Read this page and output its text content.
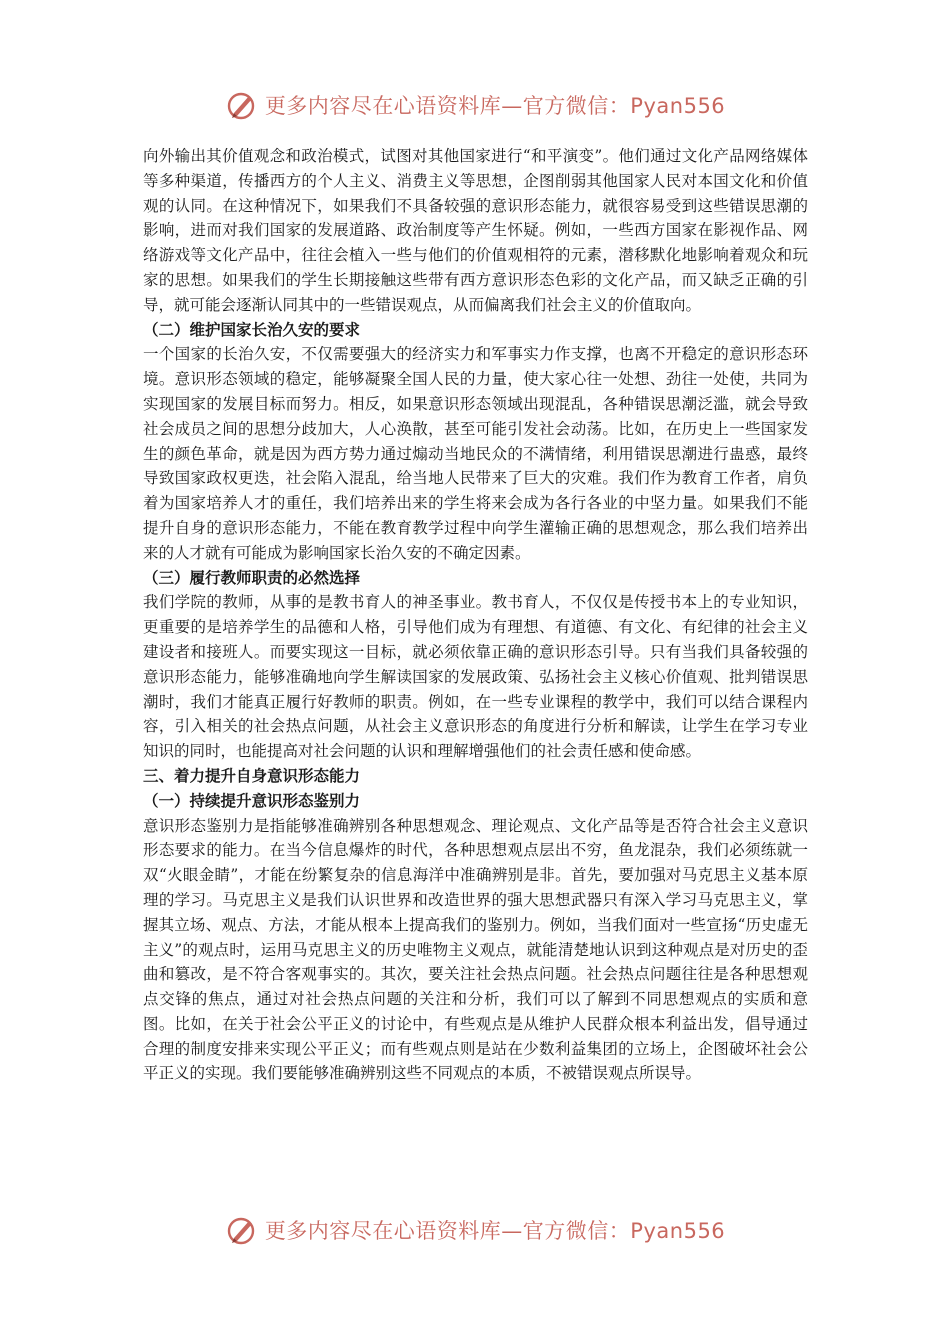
更多内容尽在心语资料库—官方微信：Pyan556

向外输出其价值观念和政治模式，试图对其他国家进行“和平演变”。他们通过文化产品网络媒体等多种渠道，传播西方的个人主义、消费主义等思想，企图削弱其他国家人民对本国文化和价值观的认同。在这种情况下，如果我们不具备较强的意识形态能力，就很容易受到这些错误思潮的影响，进而对我们国家的发展道路、政治制度等产生怀疑。例如，一些西方国家在影视作品、网络游戏等文化产品中，往往会植入一些与他们的价值观相符的元素，潜移默化地影响着观众和玩家的思想。如果我们的学生长期接触这些带有西方意识形态色彩的文化产品，而又缺乏正确的引导，就可能会逐渐认同其中的一些错误观点，从而偏离我们社会主义的价值取向。

（二）维护国家长治久安的要求

一个国家的长治久安，不仅需要强大的经济实力和军事实力作支撑，也离不开稳定的意识形态环境。意识形态领域的稳定，能够凝聚全国人民的力量，使大家心往一处想、劲往一处使，共同为实现国家的发展目标而努力。相反，如果意识形态领域出现混乱，各种错误思潮泛滥，就会导致社会成员之间的思想分歧加大，人心涣散，甚至可能引发社会动荡。比如，在历史上一些国家发生的颜色革命，就是因为西方势力通过煽动当地民众的不满情绪，利用错误思潮进行蛊惑，最终导致国家政权更迭，社会陷入混乱，给当地人民带来了巨大的灾难。我们作为教育工作者，肩负着为国家培养人才的重任，我们培养出来的学生将来会成为各行各业的中坚力量。如果我们不能提升自身的意识形态能力，不能在教育教学过程中向学生灌输正确的思想观念，那么我们培养出来的人才就有可能成为影响国家长治久安的不确定因素。

（三）履行教师职责的必然选择

我们学院的教师，从事的是教书育人的神圣事业。教书育人，不仅仅是传授书本上的专业知识，更重要的是培养学生的品德和人格，引导他们成为有理想、有道德、有文化、有纪律的社会主义建设者和接班人。而要实现这一目标，就必须依靠正确的意识形态引导。只有当我们具备较强的意识形态能力，能够准确地向学生解读国家的发展政策、弘扬社会主义核心价值观、批判错误思潮时，我们才能真正履行好教师的职责。例如，在一些专业课程的教学中，我们可以结合课程内容，引入相关的社会热点问题，从社会主义意识形态的角度进行分析和解读，让学生在学习专业知识的同时，也能提高对社会问题的认识和理解增强他们的社会责任感和使命感。

三、着力提升自身意识形态能力

（一）持续提升意识形态鉴别力

意识形态鉴别力是指能够准确辨别各种思想观念、理论观点、文化产品等是否符合社会主义意识形态要求的能力。在当今信息爆炸的时代，各种思想观点层出不穷，鱼龙混杂，我们必须练就一双“火眼金睛”，才能在纷繁复杂的信息海洋中准确辨别是非。首先，要加强对马克思主义基本原理的学习。马克思主义是我们认识世界和改造世界的强大思想武器只有深入学习马克思主义，掌握其立场、观点、方法，才能从根本上提高我们的鉴别力。例如，当我们面对一些宣扬“历史虚无主义”的观点时，运用马克思主义的历史唯物主义观点，就能清楚地认识到这种观点是对历史的歪曲和篡改，是不符合客观事实的。其次，要关注社会热点问题。社会热点问题往往是各种思想观点交锋的焦点，通过对社会热点问题的关注和分析，我们可以了解到不同思想观点的实质和意图。比如，在关于社会公平正义的讨论中，有些观点是从维护人民群众根本利益出发，倡导通过合理的制度安排来实现公平正义；而有些观点则是站在少数利益集团的立场上，企图破坏社会公平正义的实现。我们要能够准确辨别这些不同观点的本质，不被错误观点所误导。

更多内容尽在心语资料库—官方微信：Pyan556
